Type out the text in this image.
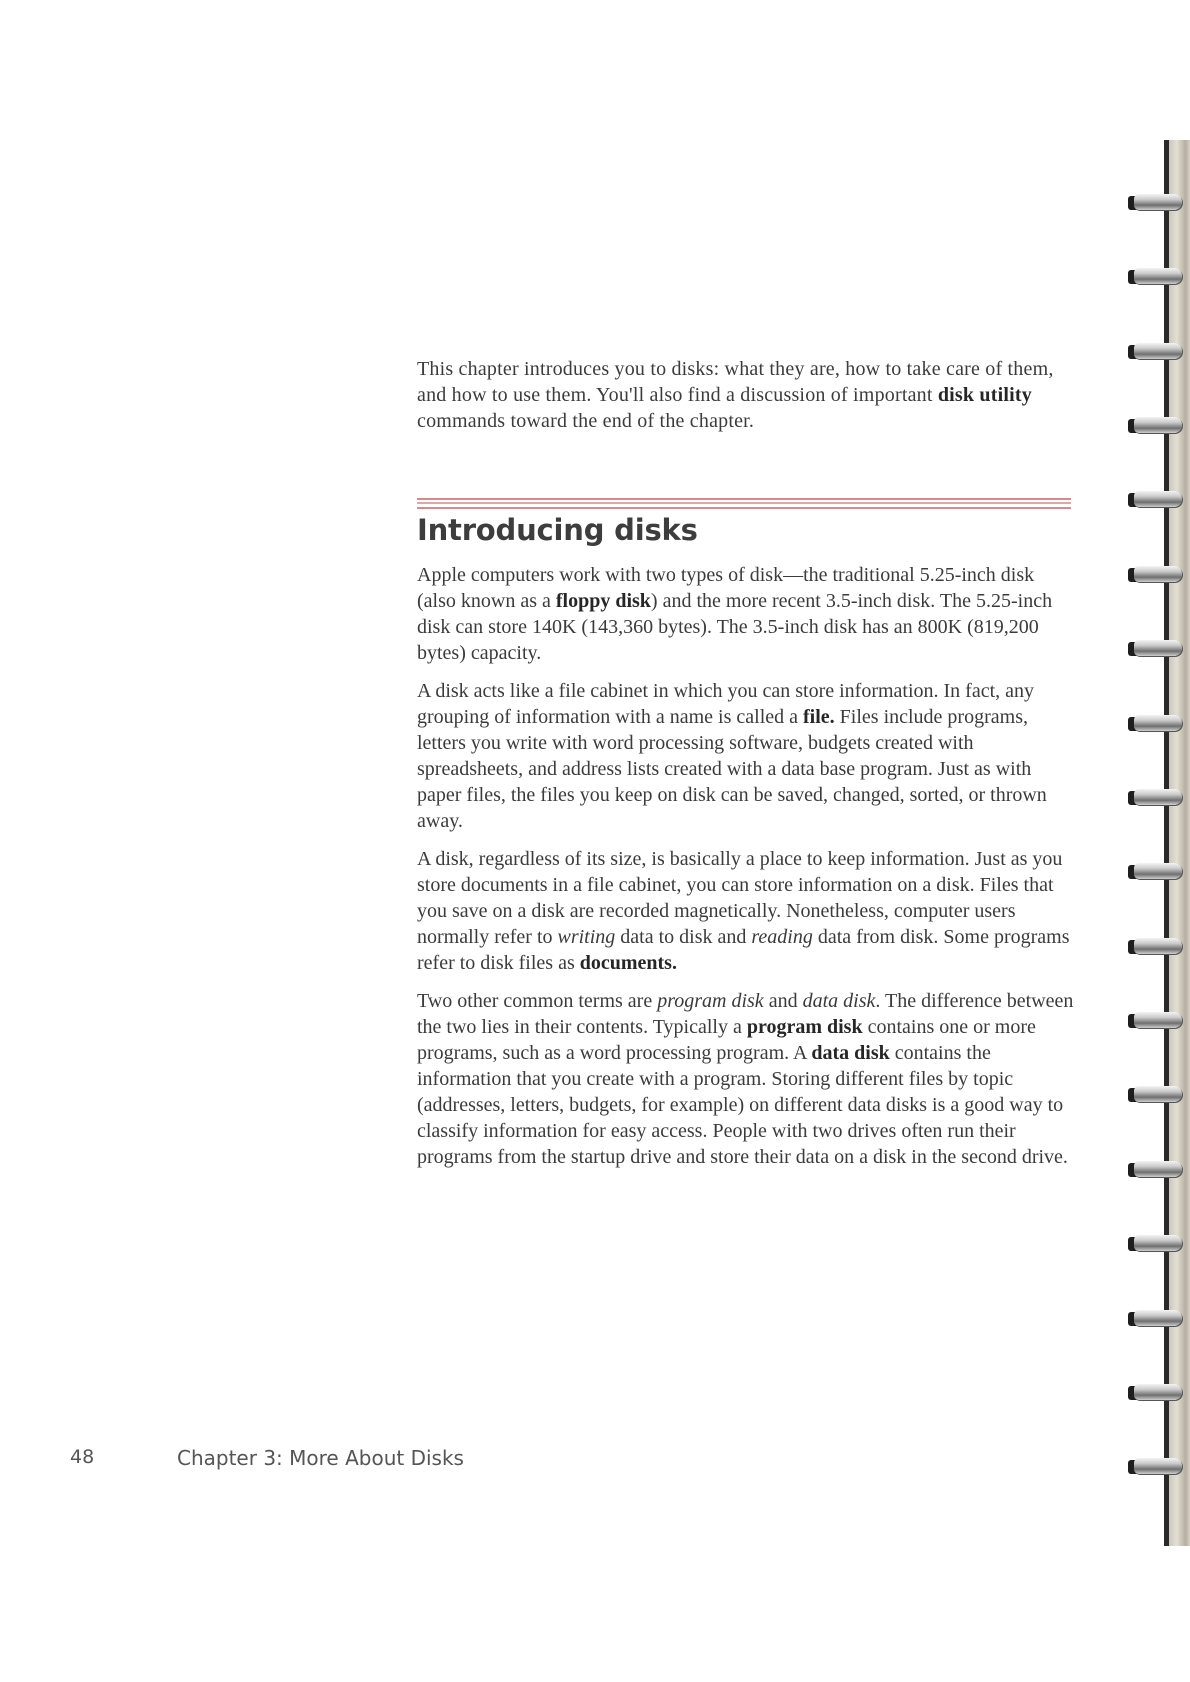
This chapter introduces you to disks: what they are, how to take care of them, and how to use them. You'll also find a discussion of important disk utility commands toward the end of the chapter.

Introducing disks

Apple computers work with two types of disk—the traditional 5.25-inch disk (also known as a floppy disk) and the more recent 3.5-inch disk. The 5.25-inch disk can store 140K (143,360 bytes). The 3.5-inch disk has an 800K (819,200 bytes) capacity.

A disk acts like a file cabinet in which you can store information. In fact, any grouping of information with a name is called a file. Files include programs, letters you write with word processing software, budgets created with spreadsheets, and address lists created with a data base program. Just as with paper files, the files you keep on disk can be saved, changed, sorted, or thrown away.

A disk, regardless of its size, is basically a place to keep information. Just as you store documents in a file cabinet, you can store information on a disk. Files that you save on a disk are recorded magnetically. Nonetheless, computer users normally refer to writing data to disk and reading data from disk. Some programs refer to disk files as documents.

Two other common terms are program disk and data disk. The difference between the two lies in their contents. Typically a program disk contains one or more programs, such as a word processing program. A data disk contains the information that you create with a program. Storing different files by topic (addresses, letters, budgets, for example) on different data disks is a good way to classify information for easy access. People with two drives often run their programs from the startup drive and store their data on a disk in the second drive.

48	Chapter 3: More About Disks
